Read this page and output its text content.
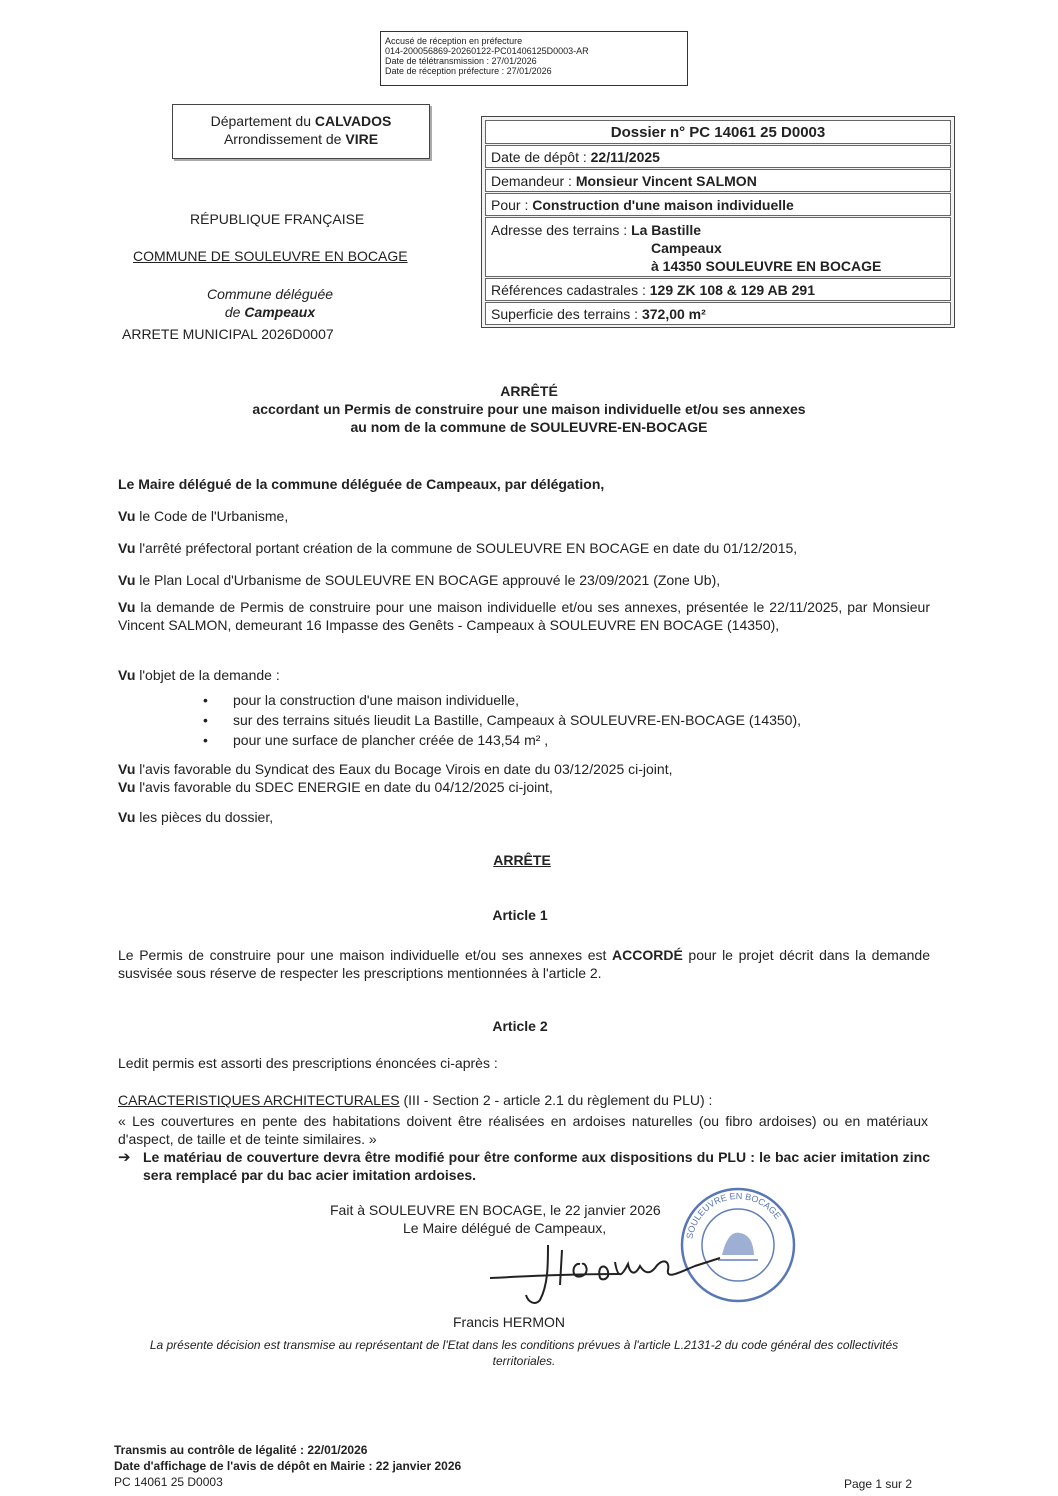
Accusé de réception en préfecture
014-200056869-20260122-PC01406125D0003-AR
Date de télétransmission : 27/01/2026
Date de réception préfecture : 27/01/2026
Département du CALVADOS
Arrondissement de VIRE
RÉPUBLIQUE FRANÇAISE
COMMUNE DE SOULEUVRE EN BOCAGE
Commune déléguée
de Campeaux
ARRETE MUNICIPAL 2026D0007
Dossier n° PC 14061 25 D0003
Date de dépôt : 22/11/2025
Demandeur : Monsieur Vincent SALMON
Pour : Construction d'une maison individuelle
Adresse des terrains : La Bastille
Campeaux
à 14350 SOULEUVRE EN BOCAGE
Références cadastrales : 129 ZK 108 & 129 AB 291
Superficie des terrains : 372,00 m²
ARRÊTÉ
accordant un Permis de construire pour une maison individuelle et/ou ses annexes
au nom de la commune de SOULEUVRE-EN-BOCAGE
Le Maire délégué de la commune déléguée de Campeaux, par délégation,
Vu le Code de l'Urbanisme,
Vu l'arrêté préfectoral portant création de la commune de SOULEUVRE EN BOCAGE en date du 01/12/2015,
Vu le Plan Local d'Urbanisme de SOULEUVRE EN BOCAGE approuvé le 23/09/2021 (Zone Ub),
Vu la demande de Permis de construire pour une maison individuelle et/ou ses annexes, présentée le 22/11/2025, par Monsieur Vincent SALMON, demeurant 16 Impasse des Genêts - Campeaux à SOULEUVRE EN BOCAGE (14350),
Vu l'objet de la demande :
• pour la construction d'une maison individuelle,
• sur des terrains situés lieudit La Bastille, Campeaux à SOULEUVRE-EN-BOCAGE (14350),
• pour une surface de plancher créée de 143,54 m² ,
Vu l'avis favorable du Syndicat des Eaux du Bocage Virois en date du 03/12/2025 ci-joint,
Vu l'avis favorable du SDEC ENERGIE en date du 04/12/2025 ci-joint,
Vu les pièces du dossier,
ARRÊTE
Article 1
Le Permis de construire pour une maison individuelle et/ou ses annexes est ACCORDÉ pour le projet décrit dans la demande susvisée sous réserve de respecter les prescriptions mentionnées à l'article 2.
Article 2
Ledit permis est assorti des prescriptions énoncées ci-après :
CARACTERISTIQUES ARCHITECTURALES (III - Section 2 - article 2.1 du règlement du PLU) :
« Les couvertures en pente des habitations doivent être réalisées en ardoises naturelles (ou fibro ardoises) ou en matériaux d'aspect, de taille et de teinte similaires. »
➔ Le matériau de couverture devra être modifié pour être conforme aux dispositions du PLU : le bac acier imitation zinc sera remplacé par du bac acier imitation ardoises.
Fait à SOULEUVRE EN BOCAGE, le 22 janvier 2026
Le Maire délégué de Campeaux,	SOULEUVRE EN BOCAGE
Francis HERMON
La présente décision est transmise au représentant de l'Etat dans les conditions prévues à l'article L.2131-2 du code général des collectivités territoriales.
Transmis au contrôle de légalité : 22/01/2026
Date d'affichage de l'avis de dépôt en Mairie : 22 janvier 2026
PC 14061 25 D0003	Page 1 sur 2
